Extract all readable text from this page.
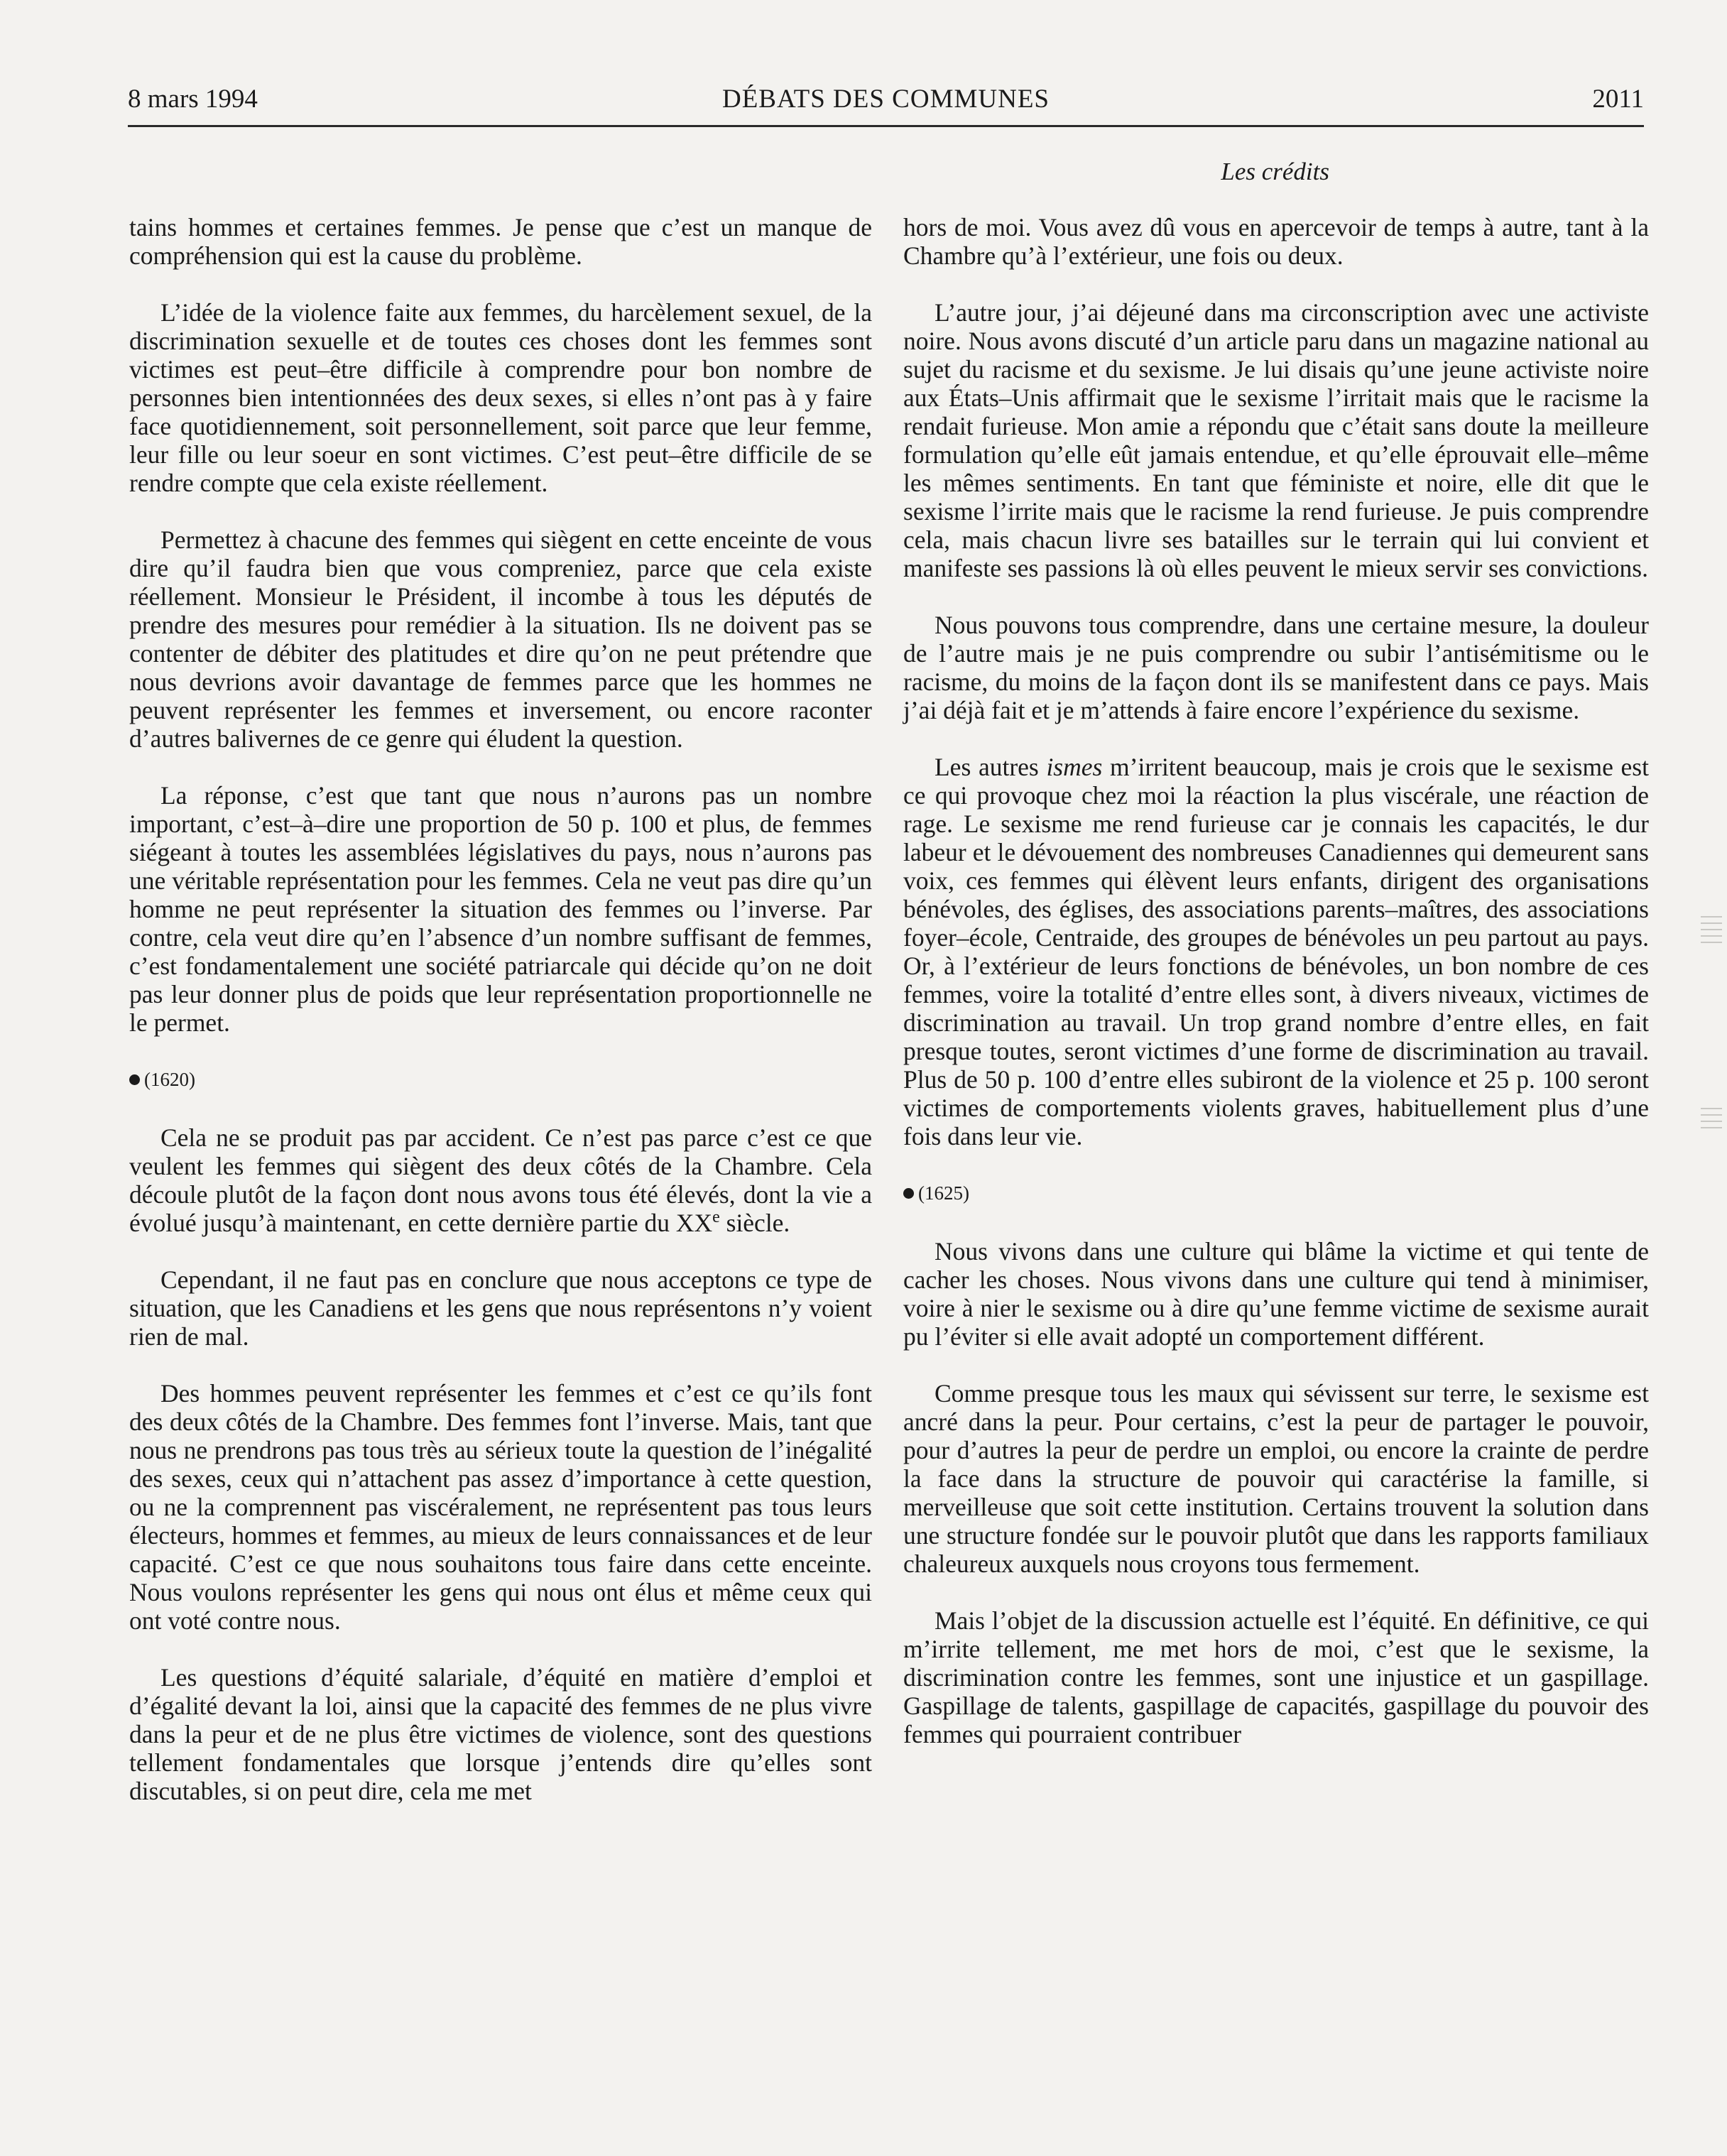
8 mars 1994	DÉBATS DES COMMUNES	2011
Les crédits

tains hommes et certaines femmes. Je pense que c’est un manque de compréhension qui est la cause du problème.

L’idée de la violence faite aux femmes, du harcèlement sexuel, de la discrimination sexuelle et de toutes ces choses dont les femmes sont victimes est peut–être difficile à comprendre pour bon nombre de personnes bien intentionnées des deux sexes, si elles n’ont pas à y faire face quotidiennement, soit personnellement, soit parce que leur femme, leur fille ou leur soeur en sont victimes. C’est peut–être difficile de se rendre compte que cela existe réellement.

Permettez à chacune des femmes qui siègent en cette enceinte de vous dire qu’il faudra bien que vous compreniez, parce que cela existe réellement. Monsieur le Président, il incombe à tous les députés de prendre des mesures pour remédier à la situation. Ils ne doivent pas se contenter de débiter des platitudes et dire qu’on ne peut prétendre que nous devrions avoir davantage de femmes parce que les hommes ne peuvent représenter les femmes et inversement, ou encore raconter d’autres balivernes de ce genre qui éludent la question.

La réponse, c’est que tant que nous n’aurons pas un nombre important, c’est–à–dire une proportion de 50 p. 100 et plus, de femmes siégeant à toutes les assemblées législatives du pays, nous n’aurons pas une véritable représentation pour les femmes. Cela ne veut pas dire qu’un homme ne peut représenter la situation des femmes ou l’inverse. Par contre, cela veut dire qu’en l’absence d’un nombre suffisant de femmes, c’est fondamentalement une société patriarcale qui décide qu’on ne doit pas leur donner plus de poids que leur représentation proportionnelle ne le permet.

(1620)

Cela ne se produit pas par accident. Ce n’est pas parce c’est ce que veulent les femmes qui siègent des deux côtés de la Chambre. Cela découle plutôt de la façon dont nous avons tous été élevés, dont la vie a évolué jusqu’à maintenant, en cette dernière partie du XXe siècle.

Cependant, il ne faut pas en conclure que nous acceptons ce type de situation, que les Canadiens et les gens que nous représentons n’y voient rien de mal.

Des hommes peuvent représenter les femmes et c’est ce qu’ils font des deux côtés de la Chambre. Des femmes font l’inverse. Mais, tant que nous ne prendrons pas tous très au sérieux toute la question de l’inégalité des sexes, ceux qui n’attachent pas assez d’importance à cette question, ou ne la comprennent pas viscéralement, ne représentent pas tous leurs électeurs, hommes et femmes, au mieux de leurs connaissances et de leur capacité. C’est ce que nous souhaitons tous faire dans cette enceinte. Nous voulons représenter les gens qui nous ont élus et même ceux qui ont voté contre nous.

Les questions d’équité salariale, d’équité en matière d’emploi et d’égalité devant la loi, ainsi que la capacité des femmes de ne plus vivre dans la peur et de ne plus être victimes de violence, sont des questions tellement fondamentales que lorsque j’entends dire qu’elles sont discutables, si on peut dire, cela me met

hors de moi. Vous avez dû vous en apercevoir de temps à autre, tant à la Chambre qu’à l’extérieur, une fois ou deux.

L’autre jour, j’ai déjeuné dans ma circonscription avec une activiste noire. Nous avons discuté d’un article paru dans un magazine national au sujet du racisme et du sexisme. Je lui disais qu’une jeune activiste noire aux États–Unis affirmait que le sexisme l’irritait mais que le racisme la rendait furieuse. Mon amie a répondu que c’était sans doute la meilleure formulation qu’elle eût jamais entendue, et qu’elle éprouvait elle–même les mêmes sentiments. En tant que féministe et noire, elle dit que le sexisme l’irrite mais que le racisme la rend furieuse. Je puis comprendre cela, mais chacun livre ses batailles sur le terrain qui lui convient et manifeste ses passions là où elles peuvent le mieux servir ses convictions.

Nous pouvons tous comprendre, dans une certaine mesure, la douleur de l’autre mais je ne puis comprendre ou subir l’antisémitisme ou le racisme, du moins de la façon dont ils se manifestent dans ce pays. Mais j’ai déjà fait et je m’attends à faire encore l’expérience du sexisme.

Les autres ismes m’irritent beaucoup, mais je crois que le sexisme est ce qui provoque chez moi la réaction la plus viscérale, une réaction de rage. Le sexisme me rend furieuse car je connais les capacités, le dur labeur et le dévouement des nombreuses Canadiennes qui demeurent sans voix, ces femmes qui élèvent leurs enfants, dirigent des organisations bénévoles, des églises, des associations parents–maîtres, des associations foyer–école, Centraide, des groupes de bénévoles un peu partout au pays. Or, à l’extérieur de leurs fonctions de bénévoles, un bon nombre de ces femmes, voire la totalité d’entre elles sont, à divers niveaux, victimes de discrimination au travail. Un trop grand nombre d’entre elles, en fait presque toutes, seront victimes d’une forme de discrimination au travail. Plus de 50 p. 100 d’entre elles subiront de la violence et 25 p. 100 seront victimes de comportements violents graves, habituellement plus d’une fois dans leur vie.

(1625)

Nous vivons dans une culture qui blâme la victime et qui tente de cacher les choses. Nous vivons dans une culture qui tend à minimiser, voire à nier le sexisme ou à dire qu’une femme victime de sexisme aurait pu l’éviter si elle avait adopté un comportement différent.

Comme presque tous les maux qui sévissent sur terre, le sexisme est ancré dans la peur. Pour certains, c’est la peur de partager le pouvoir, pour d’autres la peur de perdre un emploi, ou encore la crainte de perdre la face dans la structure de pouvoir qui caractérise la famille, si merveilleuse que soit cette institution. Certains trouvent la solution dans une structure fondée sur le pouvoir plutôt que dans les rapports familiaux chaleureux auxquels nous croyons tous fermement.

Mais l’objet de la discussion actuelle est l’équité. En définitive, ce qui m’irrite tellement, me met hors de moi, c’est que le sexisme, la discrimination contre les femmes, sont une injustice et un gaspillage. Gaspillage de talents, gaspillage de capacités, gaspillage du pouvoir des femmes qui pourraient contribuer
